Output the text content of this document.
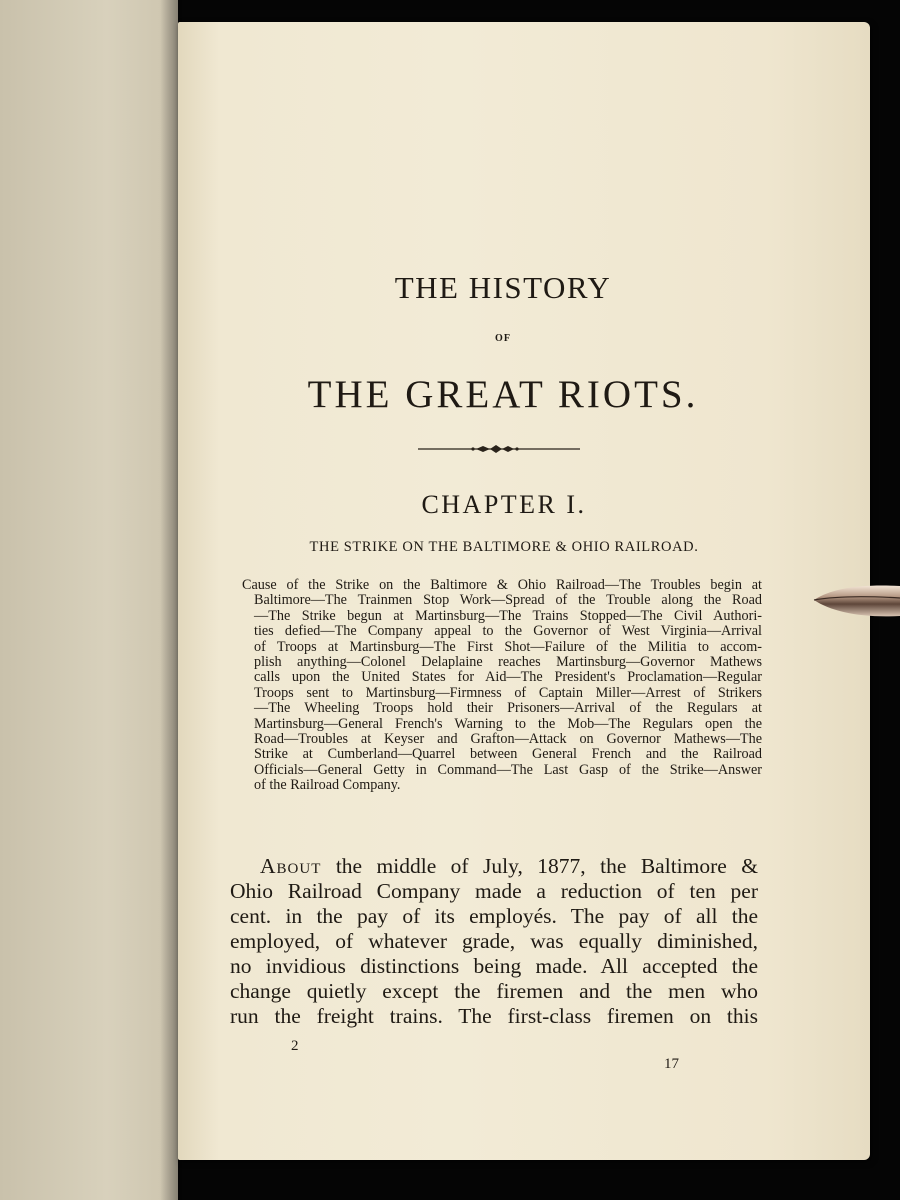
THE HISTORY
OF
THE GREAT RIOTS.
CHAPTER I.
THE STRIKE ON THE BALTIMORE & OHIO RAILROAD.
Cause of the Strike on the Baltimore & Ohio Railroad—The Troubles begin at
Baltimore—The Trainmen Stop Work—Spread of the Trouble along the Road
—The Strike begun at Martinsburg—The Trains Stopped—The Civil Authori-
ties defied—The Company appeal to the Governor of West Virginia—Arrival
of Troops at Martinsburg—The First Shot—Failure of the Militia to accom-
plish anything—Colonel Delaplaine reaches Martinsburg—Governor Mathews
calls upon the United States for Aid—The President's Proclamation—Regular
Troops sent to Martinsburg—Firmness of Captain Miller—Arrest of Strikers
—The Wheeling Troops hold their Prisoners—Arrival of the Regulars at
Martinsburg—General French's Warning to the Mob—The Regulars open the
Road—Troubles at Keyser and Grafton—Attack on Governor Mathews—The
Strike at Cumberland—Quarrel between General French and the Railroad
Officials—General Getty in Command—The Last Gasp of the Strike—Answer
of the Railroad Company.
About the middle of July, 1877, the Baltimore &
Ohio Railroad Company made a reduction of ten per
cent. in the pay of its employés. The pay of all the
employed, of whatever grade, was equally diminished,
no invidious distinctions being made. All accepted the
change quietly except the firemen and the men who
run the freight trains. The first-class firemen on this
2
17
